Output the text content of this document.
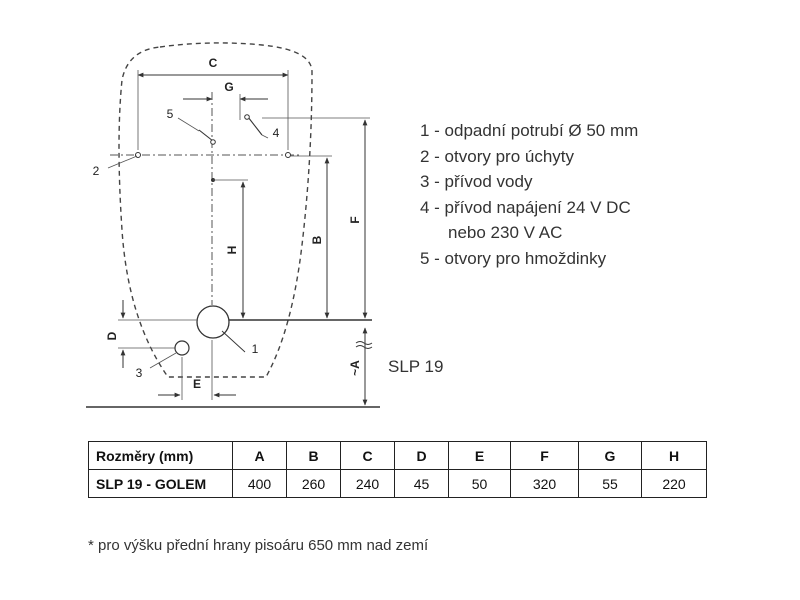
C
G
5
4
2
H
B
F
~A
1
D
3
E
1 - odpadní potrubí Ø 50 mm
2 - otvory pro úchyty
3 - přívod vody
4 - přívod napájení 24 V DC
nebo 230 V AC
5 - otvory pro hmoždinky
SLP 19
Rozměry (mm)	A	B	C	D	E	F	G	H
SLP 19 - GOLEM	400	260	240	45	50	320	55	220
* pro výšku přední hrany pisoáru 650 mm nad zemí
